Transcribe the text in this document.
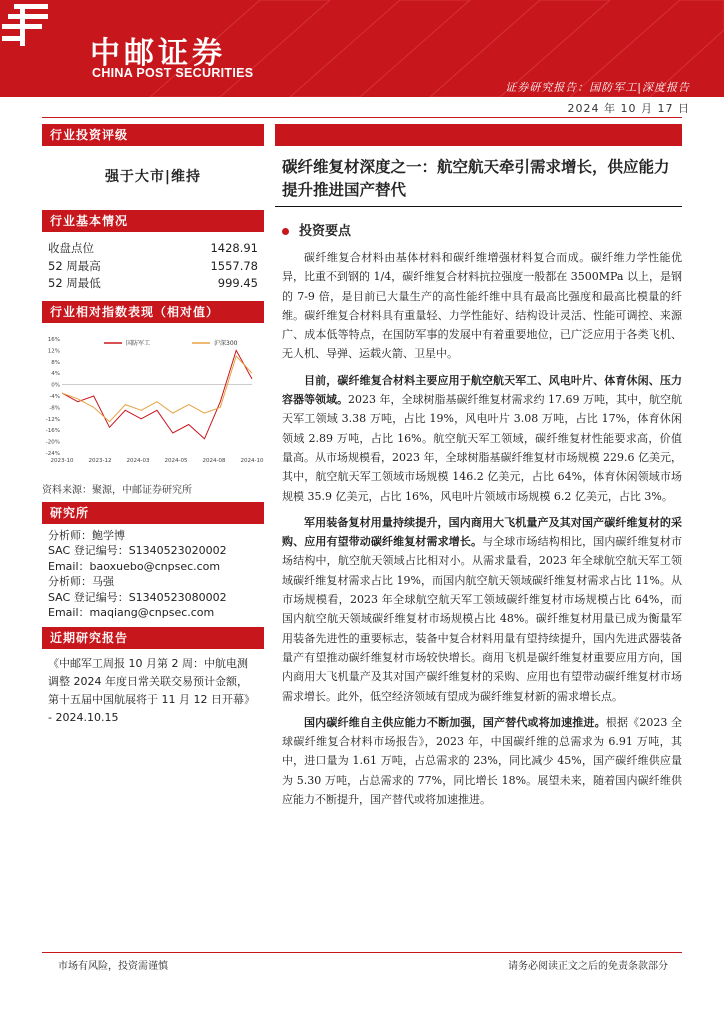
中邮证券
CHINA POST SECURITIES
证券研究报告：国防军工|深度报告
2024 年 10 月 17 日
行业投资评级
强于大市|维持
行业基本情况
收盘点位	1428.91
52 周最高	1557.78
52 周最低	999.45
行业相对指数表现（相对值）
16%
12%
8%
4%
0%
-4%
-8%
-12%
-16%
-20%
-24%
2023-10	2023-12	2024-03	2024-05	2024-08	2024-10
国防军工	沪深300
资料来源：聚源，中邮证券研究所
研究所
分析师：鲍学博
SAC 登记编号：S1340523020002
Email：baoxuebo@cnpsec.com
分析师：马强
SAC 登记编号：S1340523080002
Email：maqiang@cnpsec.com
近期研究报告
《中邮军工周报 10 月第 2 周：中航电测调整 2024 年度日常关联交易预计金额，第十五届中国航展将于 11 月 12 日开幕》 - 2024.10.15
碳纤维复材深度之一：航空航天牵引需求增长，供应能力提升推进国产替代
投资要点

碳纤维复合材料由基体材料和碳纤维增强材料复合而成。碳纤维力学性能优异，比重不到钢的 1/4，碳纤维复合材料抗拉强度一般都在 3500MPa 以上，是钢的 7-9 倍，是目前已大量生产的高性能纤维中具有最高比强度和最高比模量的纤维。碳纤维复合材料具有重量轻、力学性能好、结构设计灵活、性能可调控、来源广、成本低等特点，在国防军事的发展中有着重要地位，已广泛应用于各类飞机、无人机、导弹、运载火箭、卫星中。

目前，碳纤维复合材料主要应用于航空航天军工、风电叶片、体育休闲、压力容器等领域。2023 年，全球树脂基碳纤维复材需求约 17.69 万吨，其中，航空航天军工领域 3.38 万吨，占比 19%，风电叶片 3.08 万吨，占比 17%，体育休闲领域 2.89 万吨，占比 16%。航空航天军工领域，碳纤维复材性能要求高，价值量高。从市场规模看，2023 年，全球树脂基碳纤维复材市场规模 229.6 亿美元，其中，航空航天军工领域市场规模 146.2 亿美元，占比 64%，体育休闲领域市场规模 35.9 亿美元，占比 16%，风电叶片领域市场规模 6.2 亿美元，占比 3%。

军用装备复材用量持续提升，国内商用大飞机量产及其对国产碳纤维复材的采购、应用有望带动碳纤维复材需求增长。与全球市场结构相比，国内碳纤维复材市场结构中，航空航天领域占比相对小。从需求量看，2023 年全球航空航天军工领域碳纤维复材需求占比 19%，而国内航空航天领域碳纤维复材需求占比 11%。从市场规模看，2023 年全球航空航天军工领域碳纤维复材市场规模占比 64%，而国内航空航天领域碳纤维复材市场规模占比 48%。碳纤维复材用量已成为衡量军用装备先进性的重要标志，装备中复合材料用量有望持续提升，国内先进武器装备量产有望推动碳纤维复材市场较快增长。商用飞机是碳纤维复材重要应用方向，国内商用大飞机量产及其对国产碳纤维复材的采购、应用也有望带动碳纤维复材市场需求增长。此外，低空经济领域有望成为碳纤维复材新的需求增长点。

国内碳纤维自主供应能力不断加强，国产替代或将加速推进。根据《2023 全球碳纤维复合材料市场报告》，2023 年，中国碳纤维的总需求为 6.91 万吨，其中，进口量为 1.61 万吨，占总需求的 23%，同比减少 45%，国产碳纤维供应量为 5.30 万吨，占总需求的 77%，同比增长 18%。展望未来，随着国内碳纤维供应能力不断提升，国产替代或将加速推进。

市场有风险，投资需谨慎	请务必阅读正文之后的免责条款部分
